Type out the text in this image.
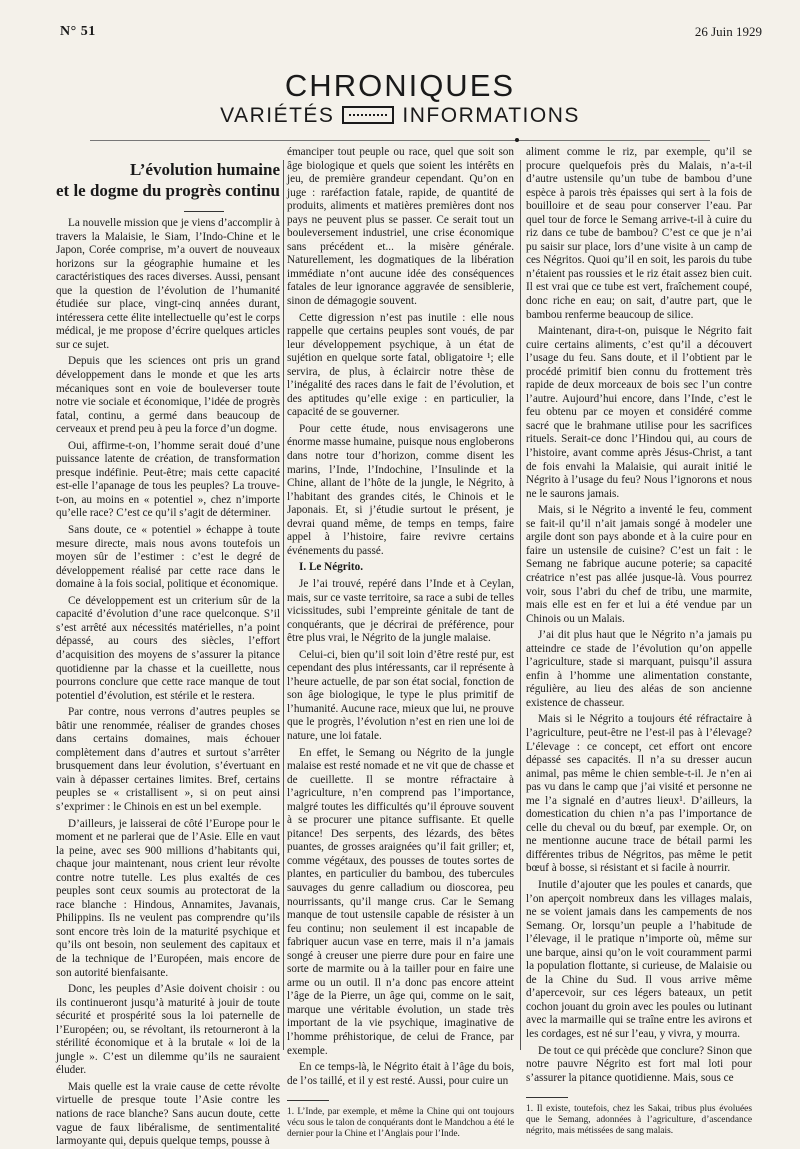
N° 51	26 Juin 1929
CHRONIQUES
VARIÉTÉS	INFORMATIONS
L’évolution humaine
et le dogme du progrès continu

La nouvelle mission que je viens d’accomplir à travers la Malaisie, le Siam, l’Indo-Chine et le Japon, Corée comprise, m’a ouvert de nouveaux horizons sur la géographie humaine et les caractéristiques des races diverses. Aussi, pensant que la question de l’évolution de l’humanité étudiée sur place, vingt-cinq années durant, intéressera cette élite intellectuelle qu’est le corps médical, je me propose d’écrire quelques articles sur ce sujet.

Depuis que les sciences ont pris un grand développement dans le monde et que les arts mécaniques sont en voie de bouleverser toute notre vie sociale et économique, l’idée de progrès fatal, continu, a germé dans beaucoup de cerveaux et prend peu à peu la force d’un dogme.

Oui, affirme-t-on, l’homme serait doué d’une puissance latente de création, de transformation presque indéfinie. Peut-être; mais cette capacité est-elle l’apanage de tous les peuples? La trouve-t-on, au moins en « potentiel », chez n’importe qu’elle race? C’est ce qu’il s’agit de déterminer.

Sans doute, ce « potentiel » échappe à toute mesure directe, mais nous avons toutefois un moyen sûr de l’estimer : c’est le degré de développement réalisé par cette race dans le domaine à la fois social, politique et économique.

Ce développement est un criterium sûr de la capacité d’évolution d’une race quelconque. S’il s’est arrêté aux nécessités matérielles, n’a point dépassé, au cours des siècles, l’effort d’acquisition des moyens de s’assurer la pitance quotidienne par la chasse et la cueillette, nous pourrons conclure que cette race manque de tout potentiel d’évolution, est stérile et le restera.

Par contre, nous verrons d’autres peuples se bâtir une renommée, réaliser de grandes choses dans certains domaines, mais échouer complètement dans d’autres et surtout s’arrêter brusquement dans leur évolution, s’évertuant en vain à dépasser certaines limites. Bref, certains peuples se « cristallisent », si on peut ainsi s’exprimer : le Chinois en est un bel exemple.

D’ailleurs, je laisserai de côté l’Europe pour le moment et ne parlerai que de l’Asie. Elle en vaut la peine, avec ses 900 millions d’habitants qui, chaque jour maintenant, nous crient leur révolte contre notre tutelle. Les plus exaltés de ces peuples sont ceux soumis au protectorat de la race blanche : Hindous, Annamites, Javanais, Philippins. Ils ne veulent pas comprendre qu’ils sont encore très loin de la maturité psychique et qu’ils ont besoin, non seulement des capitaux et de la technique de l’Européen, mais encore de son autorité bienfaisante.

Donc, les peuples d’Asie doivent choisir : ou ils continueront jusqu’à maturité à jouir de toute sécurité et prospérité sous la loi paternelle de l’Européen; ou, se révoltant, ils retourneront à la stérilité économique et à la brutale « loi de la jungle ». C’est un dilemme qu’ils ne sauraient éluder.

Mais quelle est la vraie cause de cette révolte virtuelle de presque toute l’Asie contre les nations de race blanche? Sans aucun doute, cette vague de faux libéralisme, de sentimentalité larmoyante qui, depuis quelque temps, pousse à

émanciper tout peuple ou race, quel que soit son âge biologique et quels que soient les intérêts en jeu, de première grandeur cependant. Qu’on en juge : raréfaction fatale, rapide, de quantité de produits, aliments et matières premières dont nos pays ne peuvent plus se passer. Ce serait tout un bouleversement industriel, une crise économique sans précédent et... la misère générale. Naturellement, les dogmatiques de la libération immédiate n’ont aucune idée des conséquences fatales de leur ignorance aggravée de sensiblerie, sinon de démagogie souvent.

Cette digression n’est pas inutile : elle nous rappelle que certains peuples sont voués, de par leur développement psychique, à un état de sujétion en quelque sorte fatal, obligatoire ¹; elle servira, de plus, à éclaircir notre thèse de l’inégalité des races dans le fait de l’évolution, et des aptitudes qu’elle exige : en particulier, la capacité de se gouverner.

Pour cette étude, nous envisagerons une énorme masse humaine, puisque nous engloberons dans notre tour d’horizon, comme disent les marins, l’Inde, l’Indochine, l’Insulinde et la Chine, allant de l’hôte de la jungle, le Négrito, à l’habitant des grandes cités, le Chinois et le Japonais. Et, si j’étudie surtout le présent, je devrai quand même, de temps en temps, faire appel à l’histoire, faire revivre certains événements du passé.

I. Le Négrito.

Je l’ai trouvé, repéré dans l’Inde et à Ceylan, mais, sur ce vaste territoire, sa race a subi de telles vicissitudes, subi l’empreinte génitale de tant de conquérants, que je décrirai de préférence, pour être plus vrai, le Négrito de la jungle malaise.

Celui-ci, bien qu’il soit loin d’être resté pur, est cependant des plus intéressants, car il représente à l’heure actuelle, de par son état social, fonction de son âge biologique, le type le plus primitif de l’humanité. Aucune race, mieux que lui, ne prouve que le progrès, l’évolution n’est en rien une loi de nature, une loi fatale.

En effet, le Semang ou Négrito de la jungle malaise est resté nomade et ne vit que de chasse et de cueillette. Il se montre réfractaire à l’agriculture, n’en comprend pas l’importance, malgré toutes les difficultés qu’il éprouve souvent à se procurer une pitance suffisante. Et quelle pitance! Des serpents, des lézards, des bêtes puantes, de grosses araignées qu’il fait griller; et, comme végétaux, des pousses de toutes sortes de plantes, en particulier du bambou, des tubercules sauvages du genre calladium ou dioscorea, peu nourrissants, qu’il mange crus. Car le Semang manque de tout ustensile capable de résister à un feu continu; non seulement il est incapable de fabriquer aucun vase en terre, mais il n’a jamais songé à creuser une pierre dure pour en faire une sorte de marmite ou à la tailler pour en faire une arme ou un outil. Il n’a donc pas encore atteint l’âge de la Pierre, un âge qui, comme on le sait, marque une véritable évolution, un stade très important de la vie psychique, imaginative de l’homme préhistorique, de celui de France, par exemple.

En ce temps-là, le Négrito était à l’âge du bois, de l’os taillé, et il y est resté. Aussi, pour cuire un

1. L’Inde, par exemple, et même la Chine qui ont toujours vécu sous le talon de conquérants dont le Mandchou a été le dernier pour la Chine et l’Anglais pour l’Inde.

aliment comme le riz, par exemple, qu’il se procure quelquefois près du Malais, n’a-t-il d’autre ustensile qu’un tube de bambou d’une espèce à parois très épaisses qui sert à la fois de bouilloire et de seau pour conserver l’eau. Par quel tour de force le Semang arrive-t-il à cuire du riz dans ce tube de bambou? C’est ce que je n’ai pu saisir sur place, lors d’une visite à un camp de ces Négritos. Quoi qu’il en soit, les parois du tube n’étaient pas roussies et le riz était assez bien cuit. Il est vrai que ce tube est vert, fraîchement coupé, donc riche en eau; on sait, d’autre part, que le bambou renferme beaucoup de silice.

Maintenant, dira-t-on, puisque le Négrito fait cuire certains aliments, c’est qu’il a découvert l’usage du feu. Sans doute, et il l’obtient par le procédé primitif bien connu du frottement très rapide de deux morceaux de bois sec l’un contre l’autre. Aujourd’hui encore, dans l’Inde, c’est le feu obtenu par ce moyen et considéré comme sacré que le brahmane utilise pour les sacrifices rituels. Serait-ce donc l’Hindou qui, au cours de l’histoire, avant comme après Jésus-Christ, a tant de fois envahi la Malaisie, qui aurait initié le Négrito à l’usage du feu? Nous l’ignorons et nous ne le saurons jamais.

Mais, si le Négrito a inventé le feu, comment se fait-il qu’il n’ait jamais songé à modeler une argile dont son pays abonde et à la cuire pour en faire un ustensile de cuisine? C’est un fait : le Semang ne fabrique aucune poterie; sa capacité créatrice n’est pas allée jusque-là. Vous pourrez voir, sous l’abri du chef de tribu, une marmite, mais elle est en fer et lui a été vendue par un Chinois ou un Malais.

J’ai dit plus haut que le Négrito n’a jamais pu atteindre ce stade de l’évolution qu’on appelle l’agriculture, stade si marquant, puisqu’il assura enfin à l’homme une alimentation constante, régulière, au lieu des aléas de son ancienne existence de chasseur.

Mais si le Négrito a toujours été réfractaire à l’agriculture, peut-être ne l’est-il pas à l’élevage? L’élevage : ce concept, cet effort ont encore dépassé ses capacités. Il n’a su dresser aucun animal, pas même le chien semble-t-il. Je n’en ai pas vu dans le camp que j’ai visité et personne ne me l’a signalé en d’autres lieux¹. D’ailleurs, la domestication du chien n’a pas l’importance de celle du cheval ou du bœuf, par exemple. Or, on ne mentionne aucune trace de bétail parmi les différentes tribus de Négritos, pas même le petit bœuf à bosse, si résistant et si facile à nourrir.

Inutile d’ajouter que les poules et canards, que l’on aperçoit nombreux dans les villages malais, ne se voient jamais dans les campements de nos Semang. Or, lorsqu’un peuple a l’habitude de l’élevage, il le pratique n’importe où, même sur une barque, ainsi qu’on le voit couramment parmi la population flottante, si curieuse, de Malaisie ou de la Chine du Sud. Il vous arrive même d’apercevoir, sur ces légers bateaux, un petit cochon jouant du groin avec les poules ou lutinant avec la marmaille qui se traîne entre les avirons et les cordages, est né sur l’eau, y vivra, y mourra.

De tout ce qui précède que conclure? Sinon que notre pauvre Négrito est fort mal loti pour s’assurer la pitance quotidienne. Mais, sous ce

1. Il existe, toutefois, chez les Sakai, tribus plus évoluées que le Semang, adonnées à l’agriculture, d’ascendance négrito, mais métissées de sang malais.
